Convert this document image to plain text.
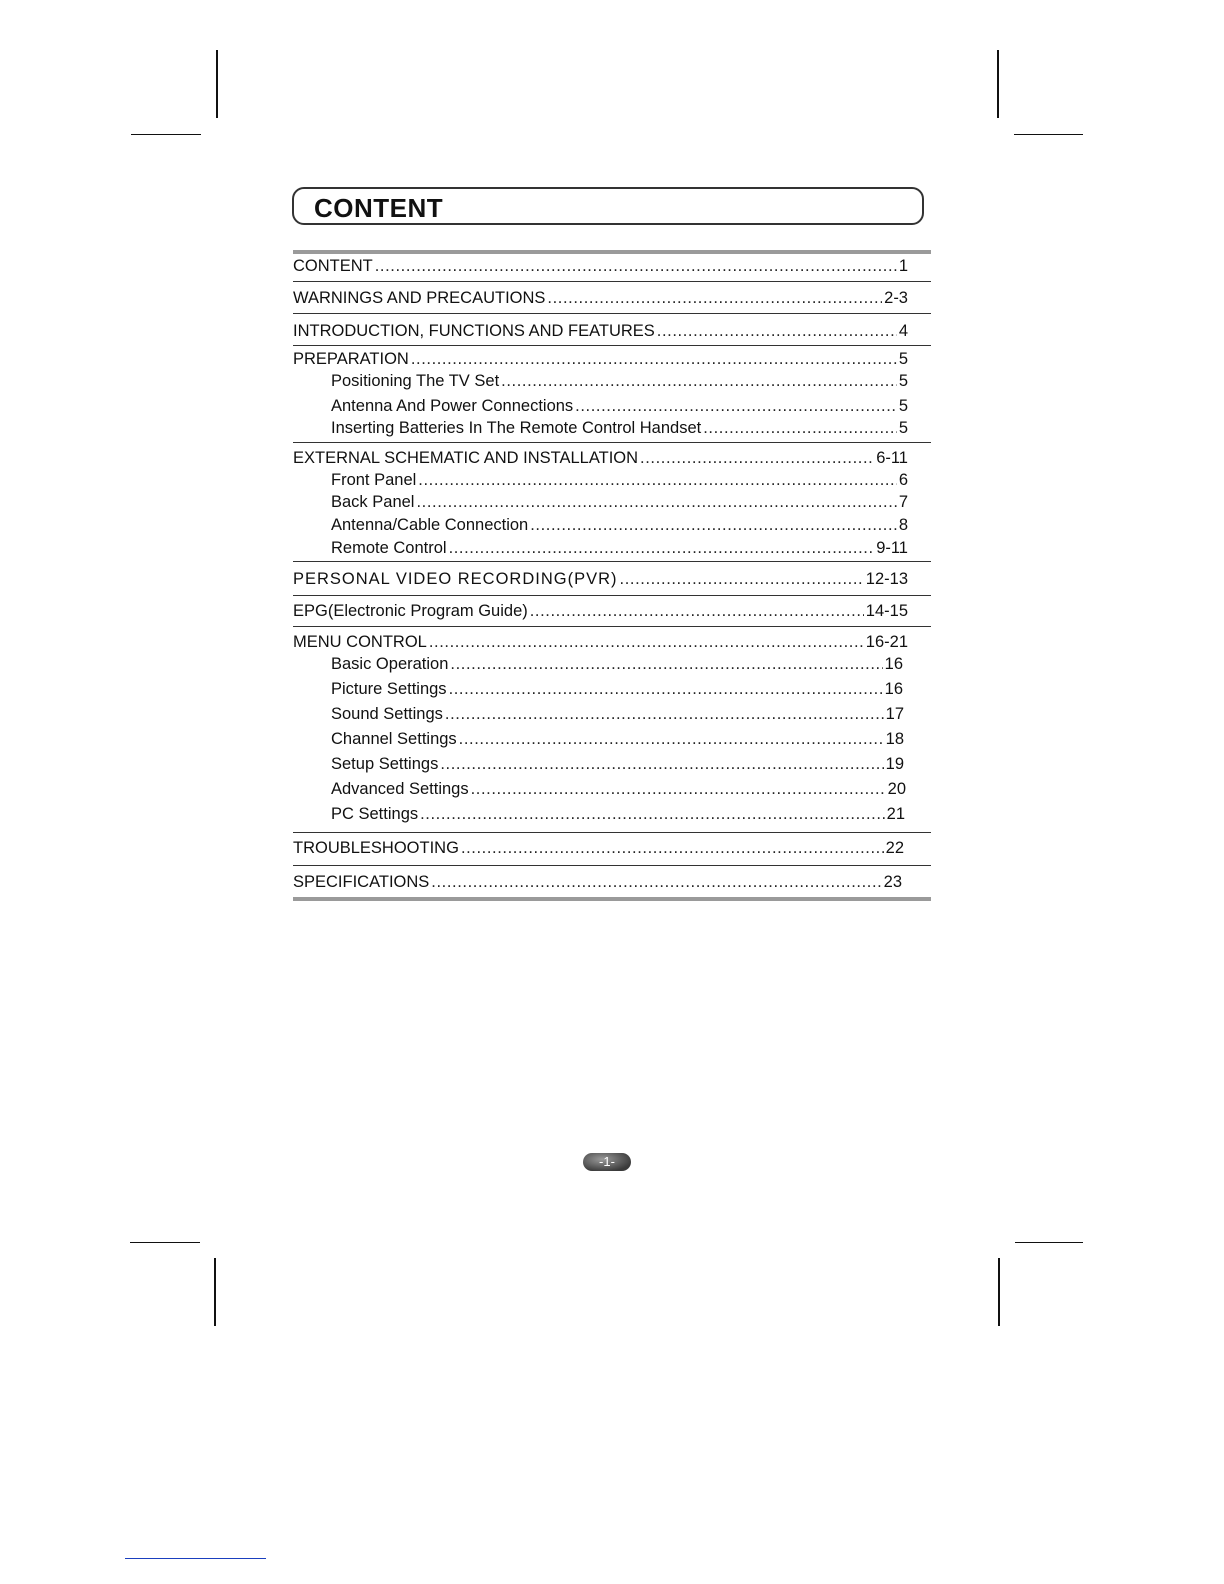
CONTENT
CONTENT .....	1
WARNINGS AND PRECAUTIONS .....	2-3
INTRODUCTION, FUNCTIONS AND FEATURES .....	4
PREPARATION .....	5
Positioning The TV Set .....	5
Antenna And Power Connections .....	5
Inserting Batteries In The Remote Control Handset .....	5
EXTERNAL SCHEMATIC AND INSTALLATION .....	6-11
Front Panel .....	6
Back Panel .....	7
Antenna/Cable Connection .....	8
Remote Control .....	9-11
PERSONAL VIDEO RECORDING(PVR) .....	12-13
EPG(Electronic Program Guide) .....	14-15
MENU CONTROL .....	16-21
Basic Operation .....	16
Picture Settings .....	16
Sound Settings .....	17
Channel Settings .....	18
Setup Settings .....	19
Advanced Settings .....	20
PC Settings .....	21
TROUBLESHOOTING .....	22
SPECIFICATIONS .....	23
-1-
